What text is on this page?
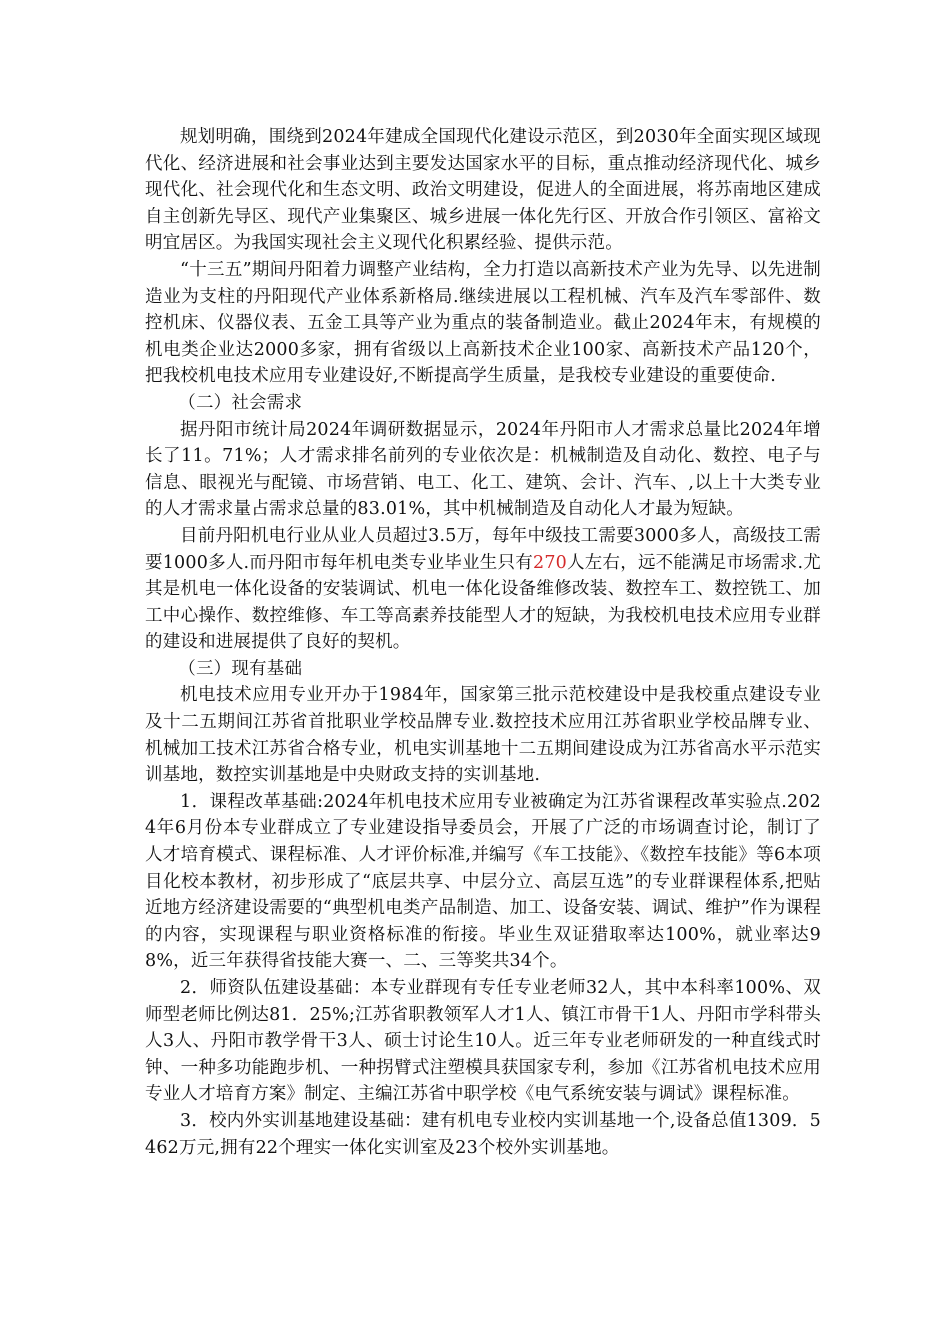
规划明确，围绕到2024年建成全国现代化建设示范区，到2030年全面实现区域现代化、经济进展和社会事业达到主要发达国家水平的目标，重点推动经济现代化、城乡现代化、社会现代化和生态文明、政治文明建设，促进人的全面进展，将苏南地区建成自主创新先导区、现代产业集聚区、城乡进展一体化先行区、开放合作引领区、富裕文明宜居区。为我国实现社会主义现代化积累经验、提供示范。

“十三五”期间丹阳着力调整产业结构，全力打造以高新技术产业为先导、以先进制造业为支柱的丹阳现代产业体系新格局.继续进展以工程机械、汽车及汽车零部件、数控机床、仪器仪表、五金工具等产业为重点的装备制造业。截止2024年末，有规模的机电类企业达2000多家，拥有省级以上高新技术企业100家、高新技术产品120个，把我校机电技术应用专业建设好,不断提高学生质量，是我校专业建设的重要使命.

（二）社会需求

据丹阳市统计局2024年调研数据显示，2024年丹阳市人才需求总量比2024年增长了11。71%；人才需求排名前列的专业依次是：机械制造及自动化、数控、电子与信息、眼视光与配镜、市场营销、电工、化工、建筑、会计、汽车、,以上十大类专业的人才需求量占需求总量的83.01%，其中机械制造及自动化人才最为短缺。

目前丹阳机电行业从业人员超过3.5万，每年中级技工需要3000多人，高级技工需要1000多人.而丹阳市每年机电类专业毕业生只有270人左右，远不能满足市场需求.尤其是机电一体化设备的安装调试、机电一体化设备维修改装、数控车工、数控铣工、加工中心操作、数控维修、车工等高素养技能型人才的短缺，为我校机电技术应用专业群的建设和进展提供了良好的契机。

（三）现有基础

机电技术应用专业开办于1984年，国家第三批示范校建设中是我校重点建设专业及十二五期间江苏省首批职业学校品牌专业.数控技术应用江苏省职业学校品牌专业、机械加工技术江苏省合格专业，机电实训基地十二五期间建设成为江苏省高水平示范实训基地，数控实训基地是中央财政支持的实训基地.

1．课程改革基础:2024年机电技术应用专业被确定为江苏省课程改革实验点.2024年6月份本专业群成立了专业建设指导委员会，开展了广泛的市场调查讨论，制订了人才培育模式、课程标准、人才评价标准,并编写《车工技能》、《数控车技能》等6本项目化校本教材，初步形成了“底层共享、中层分立、高层互选”的专业群课程体系,把贴近地方经济建设需要的“典型机电类产品制造、加工、设备安装、调试、维护”作为课程的内容，实现课程与职业资格标准的衔接。毕业生双证猎取率达100%，就业率达98%，近三年获得省技能大赛一、二、三等奖共34个。

2．师资队伍建设基础：本专业群现有专任专业老师32人，其中本科率100%、双师型老师比例达81．25%;江苏省职教领军人才1人、镇江市骨干1人、丹阳市学科带头人3人、丹阳市教学骨干3人、硕士讨论生10人。近三年专业老师研发的一种直线式时钟、一种多功能跑步机、一种拐臂式注塑模具获国家专利，参加《江苏省机电技术应用专业人才培育方案》制定、主编江苏省中职学校《电气系统安装与调试》课程标准。

3．校内外实训基地建设基础：建有机电专业校内实训基地一个,设备总值1309．5462万元,拥有22个理实一体化实训室及23个校外实训基地。
